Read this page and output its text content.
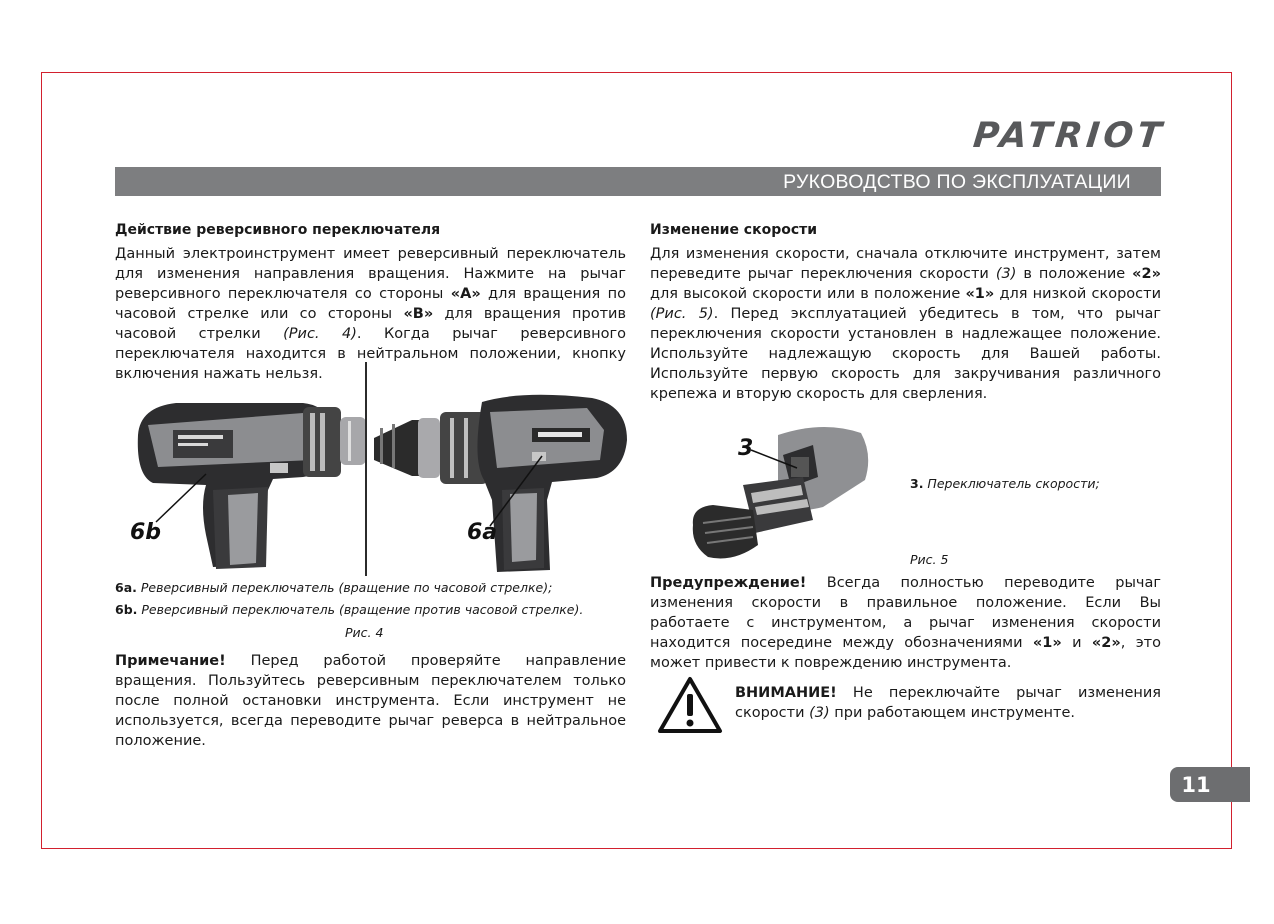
PATRIOT
РУКОВОДСТВО ПО ЭКСПЛУАТАЦИИ
Действие реверсивного переключателя
Данный электроинструмент имеет реверсивный переключатель для изменения направления вращения. Нажмите на рычаг реверсивного переключателя со стороны «А» для вращения по часовой стрелке или со стороны «В» для вращения против часовой стрелки (Рис. 4). Когда рычаг реверсивного переключателя находится в нейтральном положении, кнопку включения нажать нельзя.
6b	6a
6a. Реверсивный переключатель (вращение по часовой стрелке);
6b. Реверсивный переключатель (вращение против часовой стрелке).
Рис. 4
Примечание! Перед работой проверяйте направление вращения. Пользуйтесь реверсивным переключателем только после полной остановки инструмента. Если инструмент не используется, всегда переводите рычаг реверса в нейтральное положение.
Изменение скорости
Для изменения скорости, сначала отключите инструмент, затем переведите рычаг переключения скорости (3) в положение «2» для высокой скорости или в положение «1» для низкой скорости (Рис. 5). Перед эксплуатацией убедитесь в том, что рычаг переключения скорости установлен в надлежащее положение. Используйте надлежащую скорость для Вашей работы. Используйте первую скорость для закручивания различного крепежа и вторую скорость для сверления.
3
3. Переключатель скорости;
Рис. 5
Предупреждение! Всегда полностью переводите рычаг изменения скорости в правильное положение. Если Вы работаете с инструментом, а рычаг изменения скорости находится посередине между обозначениями «1» и «2», это может привести к повреждению инструмента.
ВНИМАНИЕ! Не переключайте рычаг изменения скорости (3) при работающем инструменте.
11
